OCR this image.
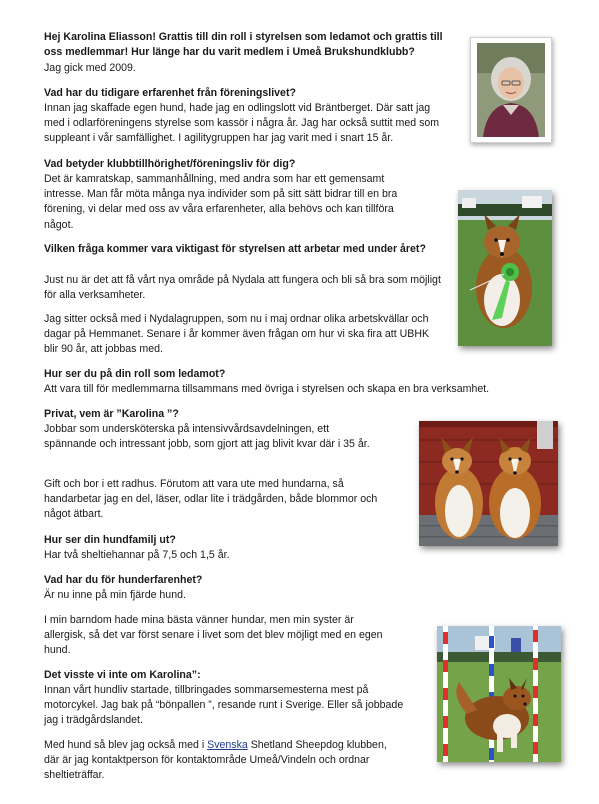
Hej Karolina Eliasson! Grattis till din roll i styrelsen som ledamot och grattis till oss medlemmar! Hur länge har du varit medlem i Umeå Brukshundklubb?

Jag gick med 2009.

Vad har du tidigare erfarenhet från föreningslivet?

Innan jag skaffade egen hund, hade jag en odlingslott vid Bräntberget. Där satt jag med i odlarföreningens styrelse som kassör i några år. Jag har också suttit med som suppleant i vår samfällighet. I agilitygruppen har jag varit med i snart 15 år.

Vad betyder klubbtillhörighet/föreningsliv för dig?

Det är kamratskap, sammanhållning, med andra som har ett gemensamt intresse. Man får möta många nya individer som på sitt sätt bidrar till en bra förening, vi delar med oss av våra erfarenheter, alla behövs och kan tillföra något.

Vilken fråga kommer vara viktigast för styrelsen att arbetar med under året?

Just nu är det att få vårt nya område på Nydala att fungera och bli så bra som möjligt för alla verksamheter.

Jag sitter också med i Nydalagruppen, som nu i maj ordnar olika arbetskvällar och dagar på Hemmanet. Senare i år kommer även frågan om hur vi ska fira att UBHK blir 90 år, att jobbas med.

Hur ser du på din roll som ledamot?

Att vara till för medlemmarna tillsammans med övriga i styrelsen och skapa en bra verksamhet.

Privat, vem är ”Karolina ”?

Jobbar som undersköterska på intensivvårdsavdelningen, ett spännande och intressant jobb, som gjort att jag blivit kvar där i 35 år.

Gift och bor i ett radhus. Förutom att vara ute med hundarna, så handarbetar jag en del, läser, odlar lite i trädgården, både blommor och något ätbart.

Hur ser din hundfamilj ut?

Har två sheltiehannar på 7,5 och 1,5 år.

Vad har du för hunderfarenhet?

Är nu inne på min fjärde hund.

I min barndom hade mina bästa vänner hundar, men min syster är allergisk, så det var först senare i livet som det blev möjligt med en egen hund.

Det visste vi inte om Karolina”:

Innan vårt hundliv startade, tillbringades sommarsemesterna mest på motorcykel. Jag bak på “bönpallen ”, resande runt i Sverige. Eller så jobbade jag i trädgårdslandet.

Med hund så blev jag också med i Svenska Shetland Sheepdog klubben, där är jag kontaktperson för kontaktområde Umeå/Vindeln och ordnar sheltieträffar.
